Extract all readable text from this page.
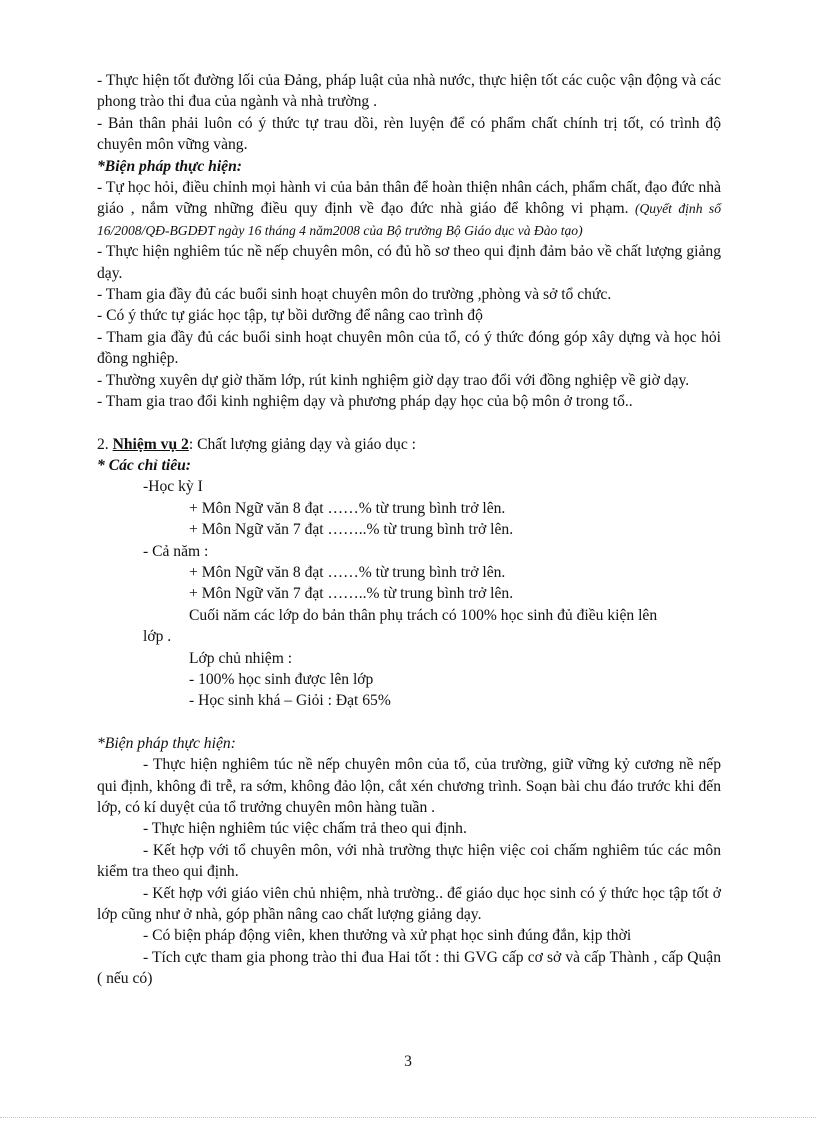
- Thực hiện tốt đường lối của Đảng, pháp luật của nhà nước, thực hiện tốt các cuộc vận động và các phong trào thi đua của ngành và nhà trường .

- Bản thân phải luôn có ý thức tự trau dồi, rèn luyện để có phẩm chất chính trị tốt, có trình độ chuyên môn vững vàng.

*Biện pháp thực hiện:

- Tự học hỏi, điều chỉnh mọi hành vi của bản thân để hoàn thiện nhân cách, phẩm chất, đạo đức nhà giáo , nắm vững những điều quy định về đạo đức nhà giáo để không vi phạm. (Quyết định số 16/2008/QĐ-BGDĐT ngày 16 tháng 4 năm2008 của Bộ trưởng Bộ Giáo dục và Đào tạo)

- Thực hiện nghiêm túc nề nếp chuyên môn, có đủ hồ sơ theo qui định đảm bảo về chất lượng giảng dạy.

- Tham gia đầy đủ các buổi sinh hoạt chuyên môn do trường ,phòng và sở tổ chức.

- Có ý thức tự giác học tập, tự bồi dưỡng để nâng cao trình độ

- Tham gia đầy đủ các buổi sinh hoạt chuyên môn của tổ, có ý thức đóng góp xây dựng và học hỏi đồng nghiệp.

- Thường xuyên dự giờ thăm lớp, rút kinh nghiệm giờ dạy trao đổi với đồng nghiệp về giờ dạy.

- Tham gia trao đổi kinh nghiệm dạy và phương pháp dạy học của bộ môn ở trong tổ..

2. Nhiệm vụ 2: Chất lượng giảng dạy và giáo dục :

* Các chỉ tiêu:

-Học kỳ I

+ Môn Ngữ văn 8 đạt ……% từ trung bình trở lên.

+ Môn Ngữ văn 7 đạt ……..% từ trung bình trở lên.

- Cả năm :

+ Môn Ngữ văn 8 đạt ……% từ trung bình trở lên.

+ Môn Ngữ văn 7 đạt ……..% từ trung bình trở lên.

Cuối năm các lớp do bản thân phụ trách có 100% học sinh đủ điều kiện lên

lớp .

Lớp chủ nhiệm :

- 100% học sinh được lên lớp

- Học sinh khá – Giỏi : Đạt 65%

*Biện pháp thực hiện:

- Thực hiện nghiêm túc nề nếp chuyên môn của tổ, của trường, giữ vững kỷ cương nề nếp qui định, không đi trễ, ra sớm, không đảo lộn, cắt xén chương trình. Soạn bài chu đáo trước khi đến lớp, có kí duyệt của tổ trưởng chuyên môn hàng tuần .

- Thực hiện nghiêm túc việc chấm trả theo qui định.

- Kết hợp với tổ chuyên môn, với nhà trường thực hiện việc coi chấm nghiêm túc các môn kiểm tra theo qui định.

- Kết hợp với giáo viên chủ nhiệm, nhà trường.. để giáo dục học sinh có ý thức học tập tốt ở lớp cũng như ở nhà, góp phần nâng cao chất lượng giảng dạy.

- Có biện pháp động viên, khen thưởng và xử phạt học sinh đúng đắn, kịp thời

- Tích cực tham gia phong trào thi đua Hai tốt : thi GVG cấp cơ sở và cấp Thành , cấp Quận ( nếu có)

3
